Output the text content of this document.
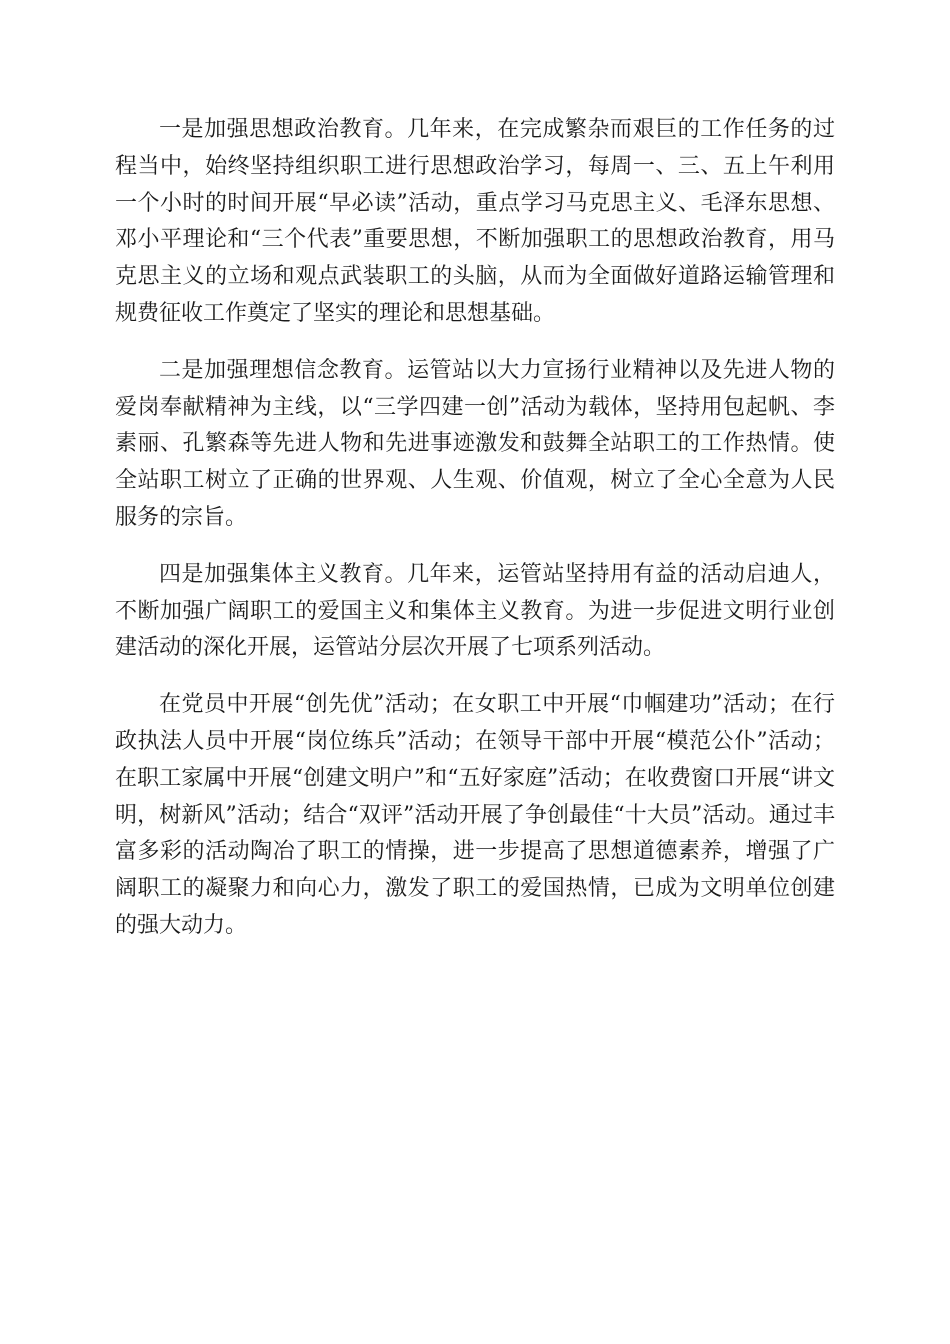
一是加强思想政治教育。几年来，在完成繁杂而艰巨的工作任务的过程当中，始终坚持组织职工进行思想政治学习，每周一、三、五上午利用一个小时的时间开展“早必读”活动，重点学习马克思主义、毛泽东思想、邓小平理论和“三个代表”重要思想，不断加强职工的思想政治教育，用马克思主义的立场和观点武装职工的头脑，从而为全面做好道路运输管理和规费征收工作奠定了坚实的理论和思想基础。

二是加强理想信念教育。运管站以大力宣扬行业精神以及先进人物的爱岗奉献精神为主线，以“三学四建一创”活动为载体，坚持用包起帆、李素丽、孔繁森等先进人物和先进事迹激发和鼓舞全站职工的工作热情。使全站职工树立了正确的世界观、人生观、价值观，树立了全心全意为人民服务的宗旨。

四是加强集体主义教育。几年来，运管站坚持用有益的活动启迪人，不断加强广阔职工的爱国主义和集体主义教育。为进一步促进文明行业创建活动的深化开展，运管站分层次开展了七项系列活动。

在党员中开展“创先优”活动；在女职工中开展“巾帼建功”活动；在行政执法人员中开展“岗位练兵”活动；在领导干部中开展“模范公仆”活动；在职工家属中开展“创建文明户”和“五好家庭”活动；在收费窗口开展“讲文明，树新风”活动；结合“双评”活动开展了争创最佳“十大员”活动。通过丰富多彩的活动陶冶了职工的情操，进一步提高了思想道德素养，增强了广阔职工的凝聚力和向心力，激发了职工的爱国热情，已成为文明单位创建的强大动力。
